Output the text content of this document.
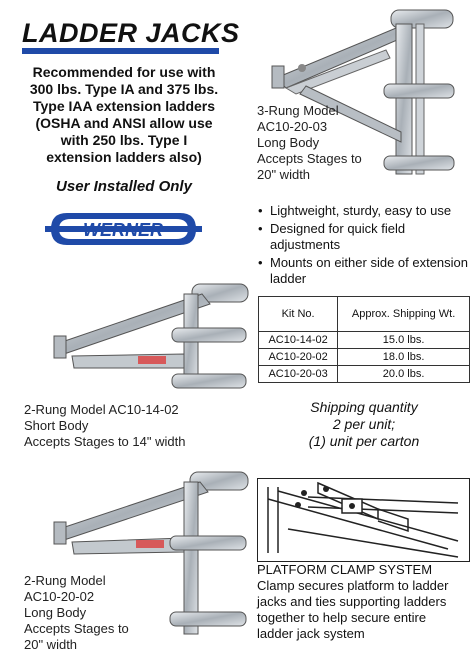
LADDER JACKS
Recommended for use with
300 lbs. Type IA and 375 lbs.
Type IAA extension ladders
(OSHA and ANSI allow use
with 250 lbs. Type I
extension ladders also)
User Installed Only
WERNER
3-Rung Model
AC10-20-03
Long Body
Accepts Stages to
20" width
• Lightweight, sturdy, easy to use
• Designed for quick field adjustments
• Mounts on either side of extension ladder
Kit No.	Approx. Shipping Wt.
AC10-14-02	15.0 lbs.
AC10-20-02	18.0 lbs.
AC10-20-03	20.0 lbs.
2-Rung Model AC10-14-02
Short Body
Accepts Stages to 14" width
Shipping quantity
2 per unit;
(1) unit per carton
2-Rung Model
AC10-20-02
Long Body
Accepts Stages to
20" width
PLATFORM CLAMP SYSTEM
Clamp secures platform to ladder
jacks and ties supporting ladders
together to help secure entire
ladder jack system
